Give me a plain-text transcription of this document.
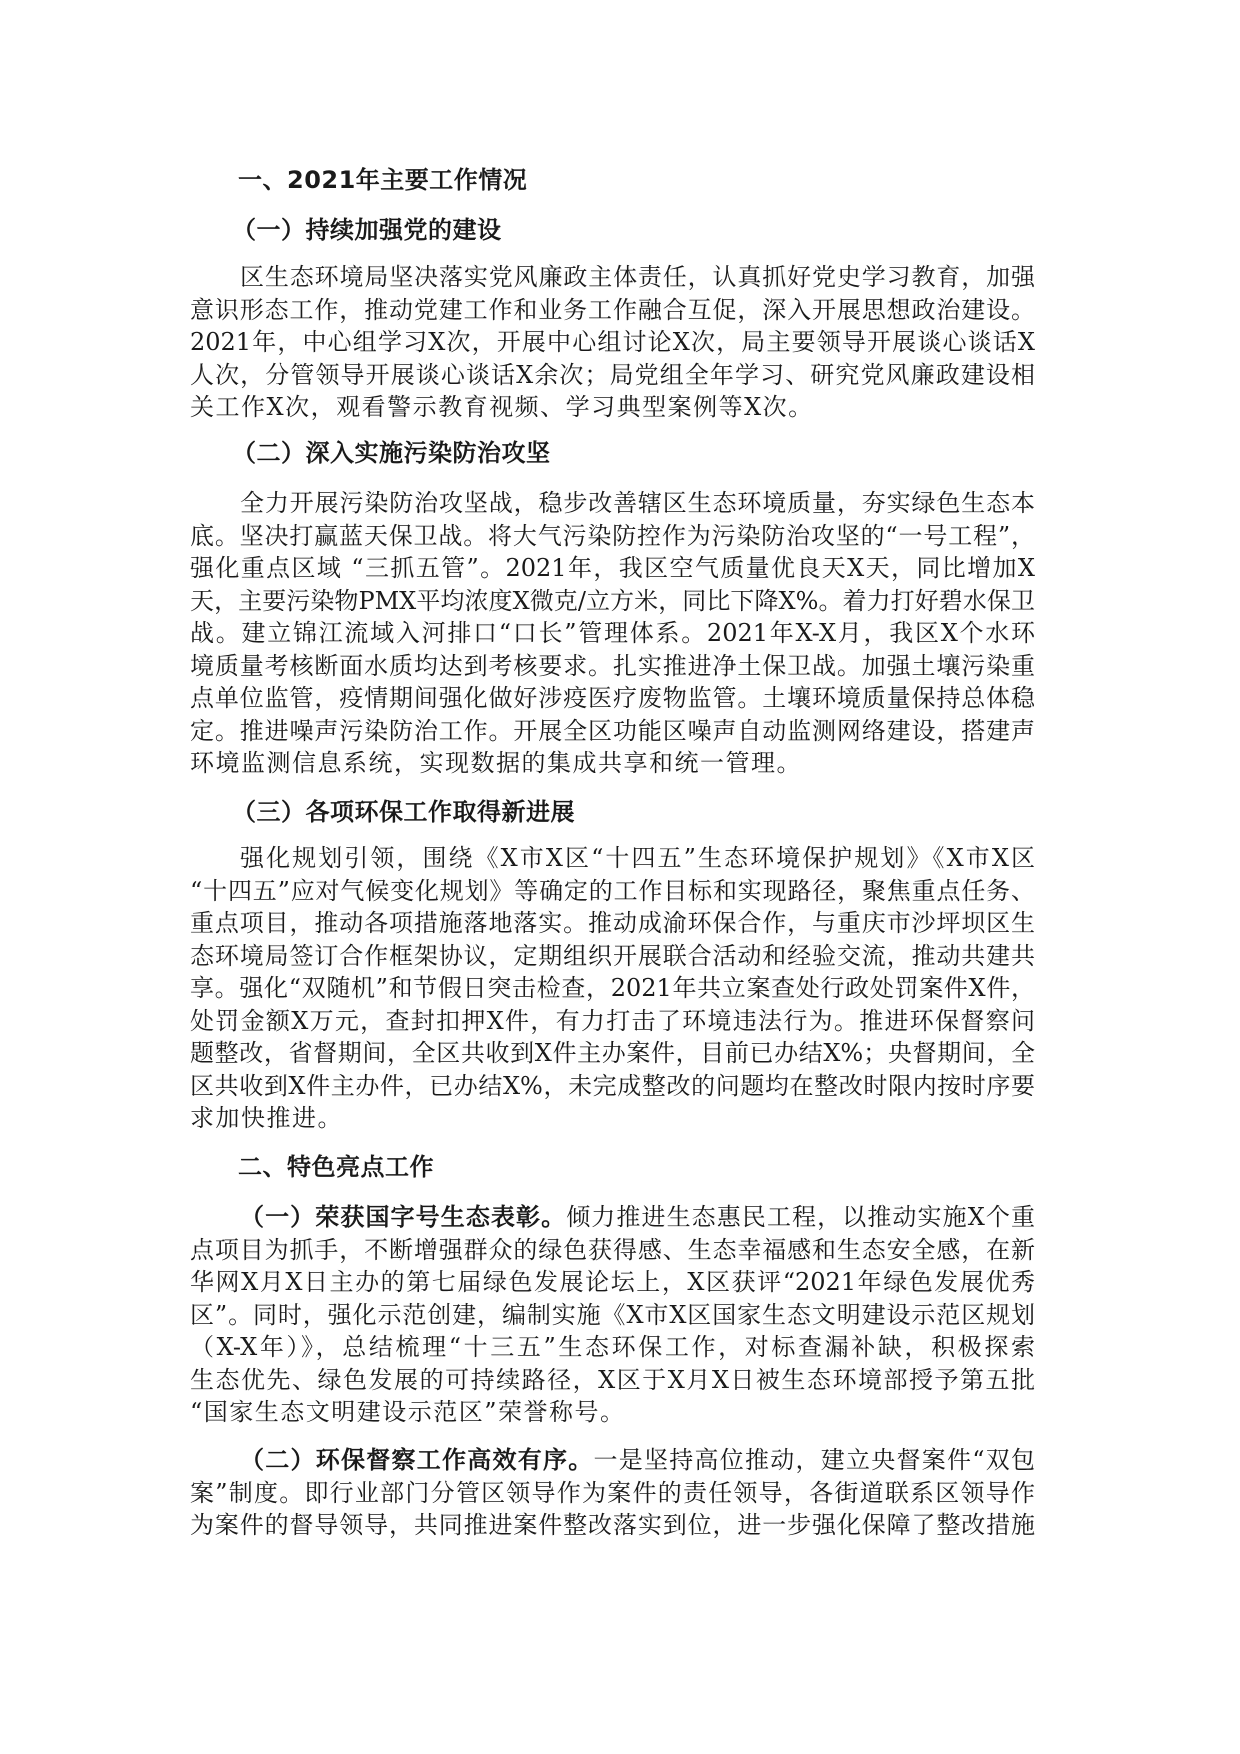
一、2021年主要工作情况
（一）持续加强党的建设
区生态环境局坚决落实党风廉政主体责任，认真抓好党史学习教育，加强
意识形态工作，推动党建工作和业务工作融合互促，深入开展思想政治建设。
2021年，中心组学习X次，开展中心组讨论X次，局主要领导开展谈心谈话X
人次，分管领导开展谈心谈话X余次；局党组全年学习、研究党风廉政建设相
关工作X次，观看警示教育视频、学习典型案例等X次。
（二）深入实施污染防治攻坚
全力开展污染防治攻坚战，稳步改善辖区生态环境质量，夯实绿色生态本
底。坚决打赢蓝天保卫战。将大气污染防控作为污染防治攻坚的“一号工程”，
强化重点区域 “三抓五管”。2021年，我区空气质量优良天X天，同比增加X
天，主要污染物PMX平均浓度X微克/立方米，同比下降X%。着力打好碧水保卫
战。建立锦江流域入河排口“口长”管理体系。2021年X-X月，我区X个水环
境质量考核断面水质均达到考核要求。扎实推进净土保卫战。加强土壤污染重
点单位监管，疫情期间强化做好涉疫医疗废物监管。土壤环境质量保持总体稳
定。推进噪声污染防治工作。开展全区功能区噪声自动监测网络建设，搭建声
环境监测信息系统，实现数据的集成共享和统一管理。
（三）各项环保工作取得新进展
强化规划引领，围绕《X市X区“十四五”生态环境保护规划》《X市X区
“十四五”应对气候变化规划》等确定的工作目标和实现路径，聚焦重点任务、
重点项目，推动各项措施落地落实。推动成渝环保合作，与重庆市沙坪坝区生
态环境局签订合作框架协议，定期组织开展联合活动和经验交流，推动共建共
享。强化“双随机”和节假日突击检查，2021年共立案查处行政处罚案件X件，
处罚金额X万元，查封扣押X件，有力打击了环境违法行为。推进环保督察问
题整改，省督期间，全区共收到X件主办案件，目前已办结X%；央督期间，全
区共收到X件主办件，已办结X%，未完成整改的问题均在整改时限内按时序要
求加快推进。
二、特色亮点工作
（一）荣获国字号生态表彰。倾力推进生态惠民工程，以推动实施X个重
点项目为抓手，不断增强群众的绿色获得感、生态幸福感和生态安全感，在新
华网X月X日主办的第七届绿色发展论坛上，X区获评“2021年绿色发展优秀
区”。同时，强化示范创建，编制实施《X市X区国家生态文明建设示范区规划
（X-X年）》，总结梳理“十三五”生态环保工作，对标查漏补缺，积极探索
生态优先、绿色发展的可持续路径，X区于X月X日被生态环境部授予第五批
“国家生态文明建设示范区”荣誉称号。
（二）环保督察工作高效有序。一是坚持高位推动，建立央督案件“双包
案”制度。即行业部门分管区领导作为案件的责任领导，各街道联系区领导作
为案件的督导领导，共同推进案件整改落实到位，进一步强化保障了整改措施
